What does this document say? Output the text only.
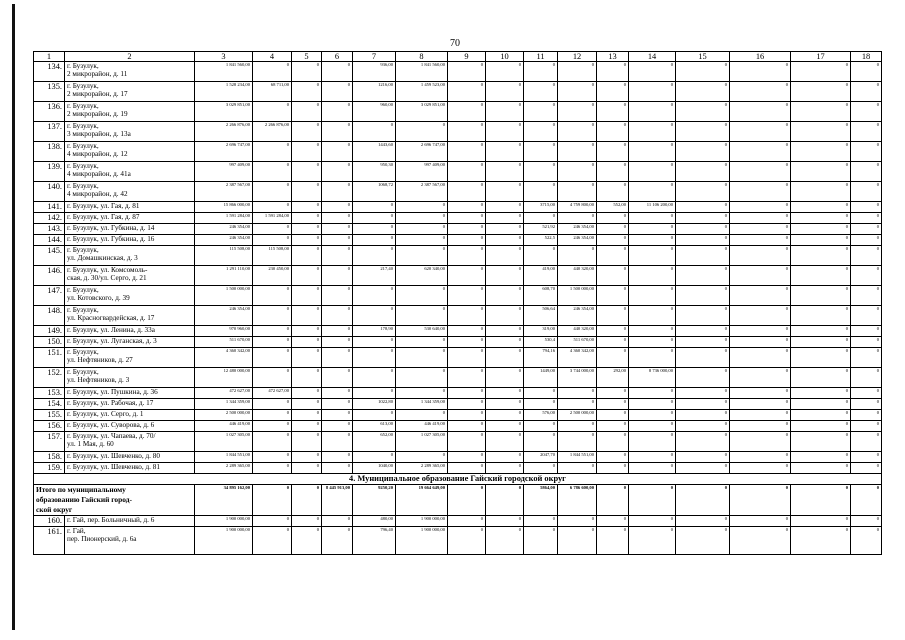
70
1	2	3	4	5	6	7	8	9	10	11	12	13	14	15	16	17	18
134.	г. Бузулук,
2 микрорайон, д. 11	1 841 560,00	0	0	0	936,00	1 841 560,00	0	0	0	0	0	0	0	0	0	0
135.	г. Бузулук,
2 микрорайон, д. 17	1 528 234,00	68 711,00	0	0	1216,00	1 459 523,00	0	0	0	0	0	0	0	0	0	0
136.	г. Бузулук,
2 микрорайон, д. 19	3 029 851,00	0	0	0	960,00	3 029 851,00	0	0	0	0	0	0	0	0	0	0
137.	г. Бузулук,
3 микрорайон, д. 13а	2 266 876,00	2 266 876,00	0	0	0	0	0	0	0	0	0	0	0	0	0	0
138.	г. Бузулук,
4 микрорайон, д. 12	2 696 747,00	0	0	0	1443,60	2 696 747,00	0	0	0	0	0	0	0	0	0	0
139.	г. Бузулук,
4 микрорайон, д. 41а	997 409,00	0	0	0	950,30	997 409,00	0	0	0	0	0	0	0	0	0	0
140.	г. Бузулук,
4 микрорайон, д. 42	2 387 567,00	0	0	0	1068,72	2 387 567,00	0	0	0	0	0	0	0	0	0	0
141.	г. Бузулук, ул. Гая, д. 81	15 866 000,00	0	0	0	0	0	0	0	3715,00	4 759 800,00	552,00	11 106 200,00	0	0	0	0
142.	г. Бузулук, ул. Гая, д. 87	1 591 284,00	1 591 284,00	0	0	0	0	0	0	0	0	0	0	0	0	0	0
143.	г. Бузулук, ул. Губкина, д. 14	246 354,00	0	0	0	0	0	0	0	521,92	246 354,00	0	0	0	0	0	0
144.	г. Бузулук, ул. Губкина, д. 16	246 354,00	0	0	0	0	0	0	0	522,5	246 354,00	0	0	0	0	0	0
145.	г. Бузулук,
ул. Домашкинская, д. 3	115 508,00	115 508,00	0	0	0	0	0	0	0	0	0	0	0	0	0	0
146.	г. Бузулук, ул. Комсомоль-
ская, д. 30/ул. Серго, д. 21	1 291 110,00	230 450,00	0	0	217,40	620 340,00	0	0	419,00	440 320,00	0	0	0	0	0	0
147.	г. Бузулук,
ул. Котовского, д. 39	1 500 000,00	0	0	0	0	0	0	0	608,70	1 500 000,00	0	0	0	0	0	0
148.	г. Бузулук,
ул. Красногвардейская, д. 17	246 354,00	0	0	0	0	0	0	0	506,64	246 354,00	0	0	0	0	0	0
149.	г. Бузулук, ул. Ленина, д. 33а	970 960,00	0	0	0	178,90	530 640,00	0	0	319,00	440 320,00	0	0	0	0	0	0
150.	г. Бузулук, ул. Луганская, д. 3	511 670,00	0	0	0	0	0	0	0	530,4	511 670,00	0	0	0	0	0	0
151.	г. Бузулук,
ул. Нефтяников, д. 27	4 360 342,00	0	0	0	0	0	0	0	794,16	4 360 342,00	0	0	0	0	0	0
152.	г. Бузулук,
ул. Нефтяников, д. 3	12 480 000,00	0	0	0	0	0	0	0	1449,00	3 744 000,00	292,00	8 736 000,00	0	0	0	0
153.	г. Бузулук, ул. Пушкина, д. 36	472 627,00	472 627,00	0	0	0	0	0	0	0	0	0	0	0	0	0	0
154.	г. Бузулук, ул. Рабочая, д. 17	1 344 359,00	0	0	0	1022,80	1 344 359,00	0	0	0	0	0	0	0	0	0	0
155.	г. Бузулук, ул. Серго, д. 1	2 500 000,00	0	0	0	0	0	0	0	576,00	2 500 000,00	0	0	0	0	0	0
156.	г. Бузулук, ул. Суворова, д. 6	446 419,00	0	0	0	613,00	446 419,00	0	0	0	0	0	0	0	0	0	0
157.	г. Бузулук, ул. Чапаева, д. 70/
ул. 1 Мая, д. 60	1 027 305,00	0	0	0	652,00	1 027 305,00	0	0	0	0	0	0	0	0	0	0
158.	г. Бузулук, ул. Шевченко, д. 80	1 844 551,00	0	0	0	0	0	0	0	2047,70	1 844 551,00	0	0	0	0	0	0
159.	г. Бузулук, ул. Шевченко, д. 81	2 289 365,00	0	0	0	1040,00	2 289 365,00	0	0	0	0	0	0	0	0	0	0
4. Муниципальное образование Гайский городской округ																	
Итого по муниципальному
образованию Гайский город-
ской округ		34 895 162,00	0	0	8 445 913,00	9250,20	19 664 649,00	0	0	5864,00	6 786 600,00	0	0	0	0	0	0
160.	г. Гай, пер. Больничный, д. 6	1 900 000,00	0	0	0	480,00	1 900 000,00	0	0	0	0	0	0	0	0	0	0
161.	г. Гай,
пер. Пионерский, д. 6а	1 900 000,00	0	0	0	796,40	1 900 000,00	0	0	0	0	0	0	0	0	0	0
